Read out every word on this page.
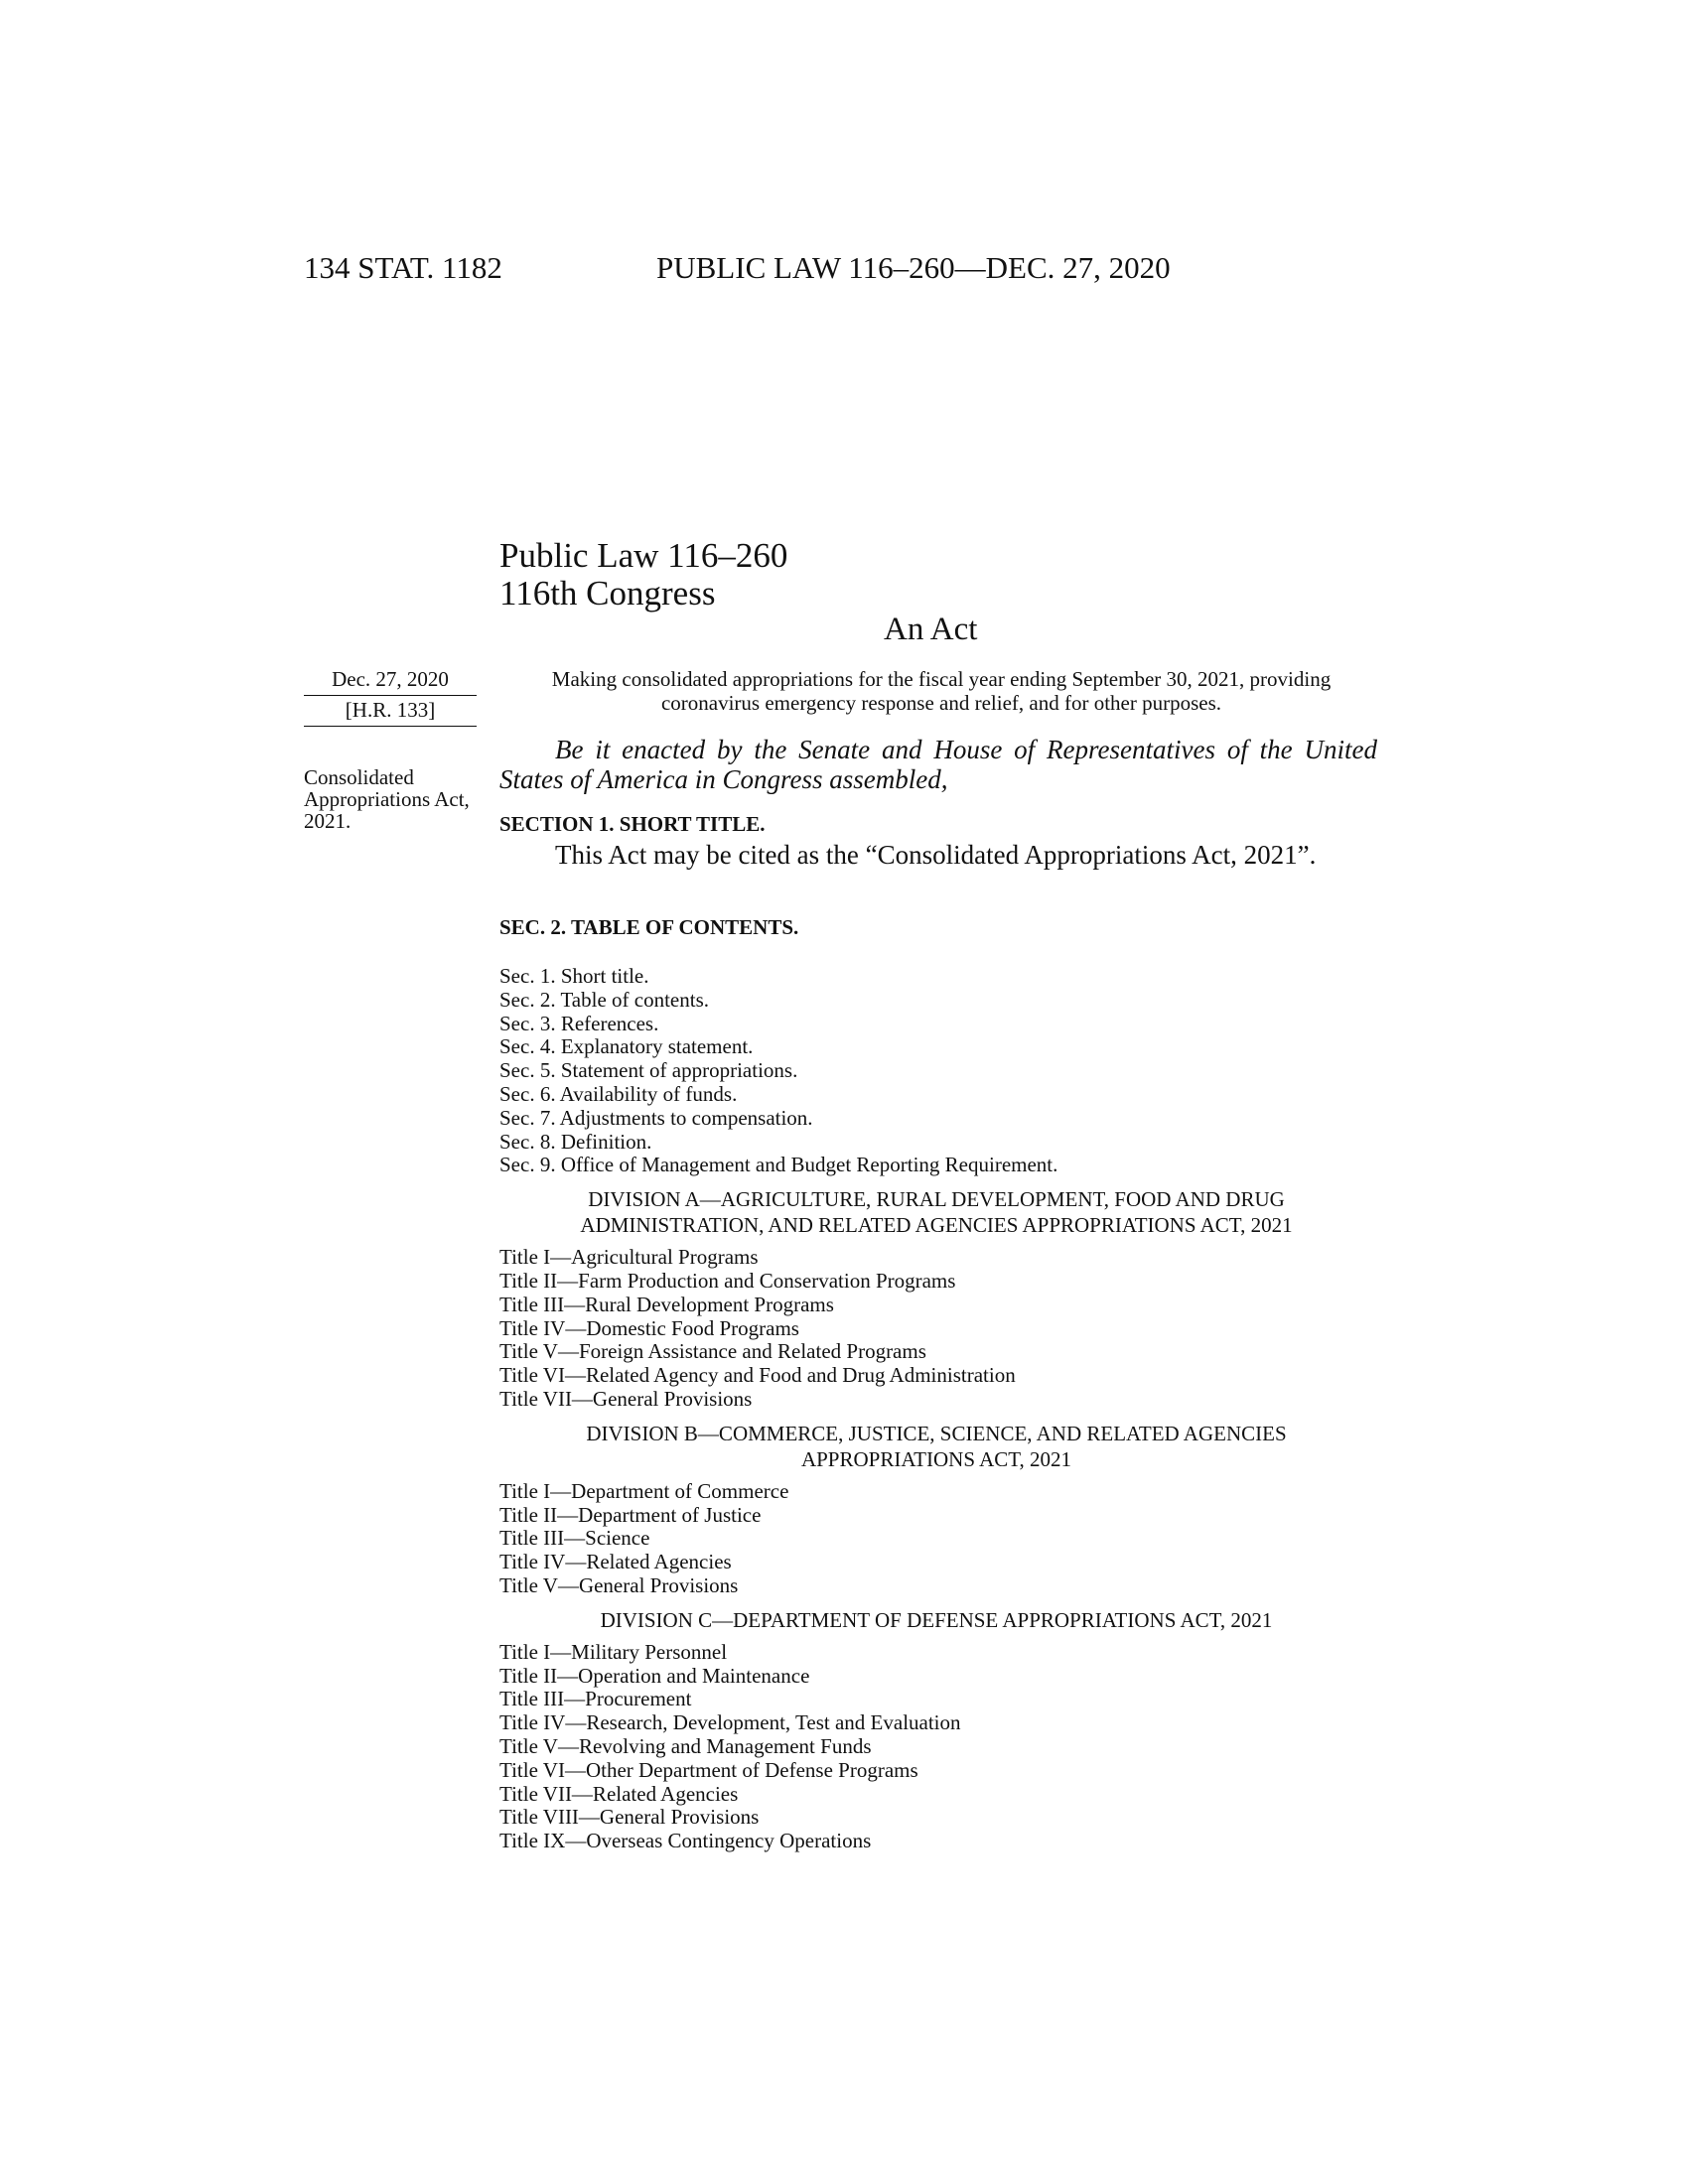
134 STAT. 1182	PUBLIC LAW 116–260—DEC. 27, 2020
Public Law 116–260
116th Congress
An Act
Dec. 27, 2020
[H.R. 133]
Consolidated Appropriations Act, 2021.
Making consolidated appropriations for the fiscal year ending September 30, 2021, providing coronavirus emergency response and relief, and for other purposes.
Be it enacted by the Senate and House of Representatives of the United States of America in Congress assembled,
SECTION 1. SHORT TITLE.
This Act may be cited as the “Consolidated Appropriations Act, 2021”.
SEC. 2. TABLE OF CONTENTS.
Sec. 1. Short title.
Sec. 2. Table of contents.
Sec. 3. References.
Sec. 4. Explanatory statement.
Sec. 5. Statement of appropriations.
Sec. 6. Availability of funds.
Sec. 7. Adjustments to compensation.
Sec. 8. Definition.
Sec. 9. Office of Management and Budget Reporting Requirement.
DIVISION A—AGRICULTURE, RURAL DEVELOPMENT, FOOD AND DRUG
ADMINISTRATION, AND RELATED AGENCIES APPROPRIATIONS ACT, 2021
Title I—Agricultural Programs
Title II—Farm Production and Conservation Programs
Title III—Rural Development Programs
Title IV—Domestic Food Programs
Title V—Foreign Assistance and Related Programs
Title VI—Related Agency and Food and Drug Administration
Title VII—General Provisions
DIVISION B—COMMERCE, JUSTICE, SCIENCE, AND RELATED AGENCIES
APPROPRIATIONS ACT, 2021
Title I—Department of Commerce
Title II—Department of Justice
Title III—Science
Title IV—Related Agencies
Title V—General Provisions
DIVISION C—DEPARTMENT OF DEFENSE APPROPRIATIONS ACT, 2021
Title I—Military Personnel
Title II—Operation and Maintenance
Title III—Procurement
Title IV—Research, Development, Test and Evaluation
Title V—Revolving and Management Funds
Title VI—Other Department of Defense Programs
Title VII—Related Agencies
Title VIII—General Provisions
Title IX—Overseas Contingency Operations
